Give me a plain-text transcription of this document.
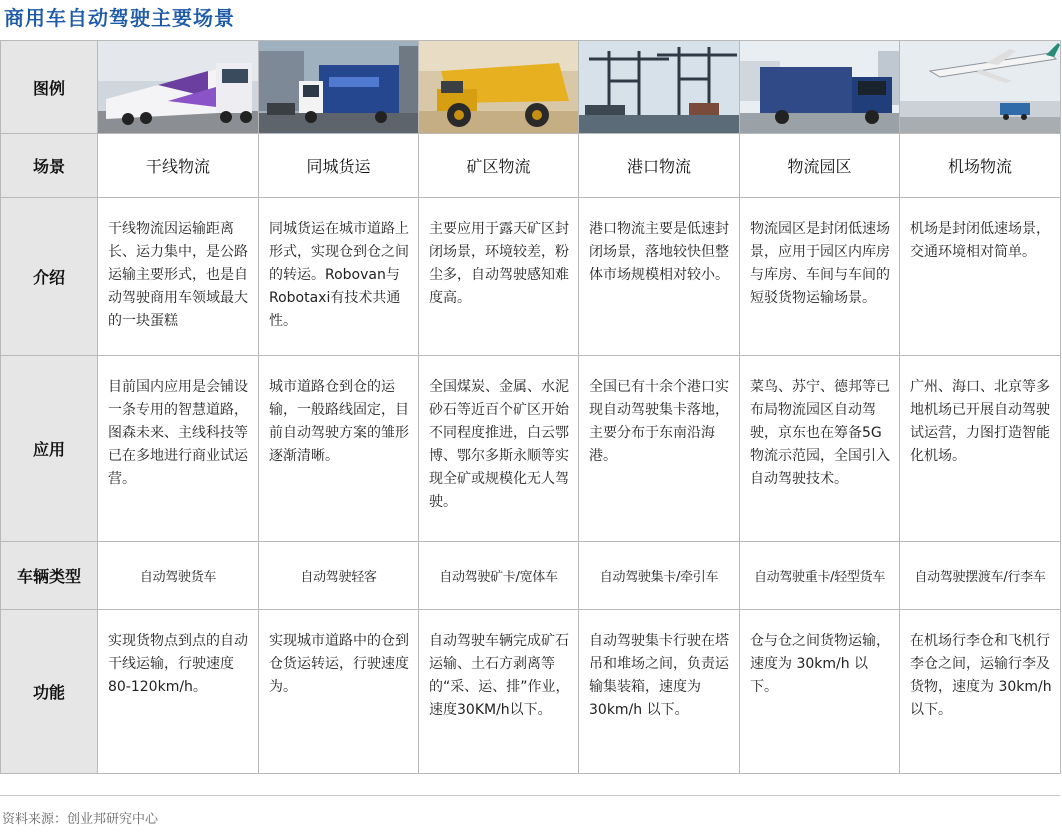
商用车自动驾驶主要场景
图例	

场景	干线物流	同城货运	矿区物流	港口物流	物流园区	机场物流
介绍	干线物流因运输距离长、运力集中，是公路运输主要形式，也是自动驾驶商用车领域最大的一块蛋糕	同城货运在城市道路上形式，实现仓到仓之间的转运。Robovan与Robotaxi有技术共通性。	主要应用于露天矿区封闭场景，环境较差，粉尘多，自动驾驶感知难度高。	港口物流主要是低速封闭场景，落地较快但整体市场规模相对较小。	物流园区是封闭低速场景，应用于园区内库房与库房、车间与车间的短驳货物运输场景。	机场是封闭低速场景，交通环境相对简单。
应用	目前国内应用是会铺设一条专用的智慧道路，图森未来、主线科技等已在多地进行商业试运营。	城市道路仓到仓的运输，一般路线固定，目前自动驾驶方案的雏形逐渐清晰。	全国煤炭、金属、水泥砂石等近百个矿区开始不同程度推进，白云鄂博、鄂尔多斯永顺等实现全矿或规模化无人驾驶。	全国已有十余个港口实现自动驾驶集卡落地，主要分布于东南沿海港。	菜鸟、苏宁、德邦等已布局物流园区自动驾驶，京东也在筹备5G物流示范园，全国引入自动驾驶技术。	广州、海口、北京等多地机场已开展自动驾驶试运营，力图打造智能化机场。
车辆类型	自动驾驶货车	自动驾驶轻客	自动驾驶矿卡/宽体车	自动驾驶集卡/牵引车	自动驾驶重卡/轻型货车	自动驾驶摆渡车/行李车
功能	实现货物点到点的自动干线运输，行驶速度80-120km/h。	实现城市道路中的仓到仓货运转运，行驶速度为。	自动驾驶车辆完成矿石运输、土石方剥离等的“采、运、排”作业，速度30KM/h以下。	自动驾驶集卡行驶在塔吊和堆场之间，负责运输集装箱，速度为 30km/h 以下。	仓与仓之间货物运输，速度为 30km/h 以下。	在机场行李仓和飞机行李仓之间，运输行李及货物，速度为 30km/h 以下。
资料来源：创业邦研究中心
